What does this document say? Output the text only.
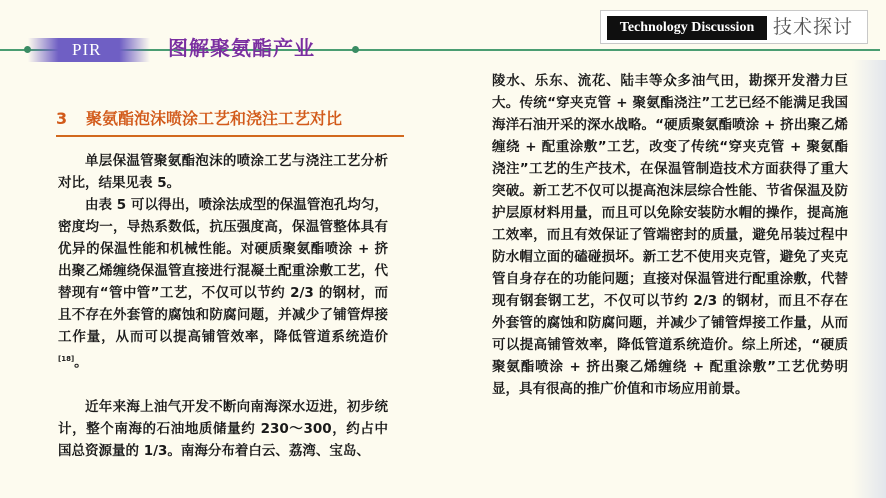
PIR	图解聚氨酯产业
Technology Discussion 技术探讨
3 聚氨酯泡沫喷涂工艺和浇注工艺对比

单层保温管聚氨酯泡沫的喷涂工艺与浇注工艺分析对比，结果见表 5。

由表 5 可以得出，喷涂法成型的保温管泡孔均匀，密度均一，导热系数低，抗压强度高，保温管整体具有优异的保温性能和机械性能。对硬质聚氨酯喷涂 + 挤出聚乙烯缠绕保温管直接进行混凝土配重涂敷工艺，代替现有“管中管”工艺，不仅可以节约 2/3 的钢材，而且不存在外套管的腐蚀和防腐问题，并减少了铺管焊接工作量，从而可以提高铺管效率，降低管道系统造价[18]。

近年来海上油气开发不断向南海深水迈进，初步统计，整个南海的石油地质储量约 230～300，约占中国总资源量的 1/3。南海分布着白云、荔湾、宝岛、

陵水、乐东、流花、陆丰等众多油气田，勘探开发潜力巨大。传统“穿夹克管 + 聚氨酯浇注”工艺已经不能满足我国海洋石油开采的深水战略。“硬质聚氨酯喷涂 + 挤出聚乙烯缠绕 + 配重涂敷”工艺，改变了传统“穿夹克管 + 聚氨酯浇注”工艺的生产技术，在保温管制造技术方面获得了重大突破。新工艺不仅可以提高泡沫层综合性能、节省保温及防护层原材料用量，而且可以免除安装防水帽的操作，提高施工效率，而且有效保证了管端密封的质量，避免吊装过程中防水帽立面的磕碰损坏。新工艺不使用夹克管，避免了夹克管自身存在的功能问题；直接对保温管进行配重涂敷，代替现有钢套钢工艺，不仅可以节约 2/3 的钢材，而且不存在外套管的腐蚀和防腐问题，并减少了铺管焊接工作量，从而可以提高铺管效率，降低管道系统造价。综上所述，“硬质聚氨酯喷涂 + 挤出聚乙烯缠绕 + 配重涂敷”工艺优势明显，具有很高的推广价值和市场应用前景。
